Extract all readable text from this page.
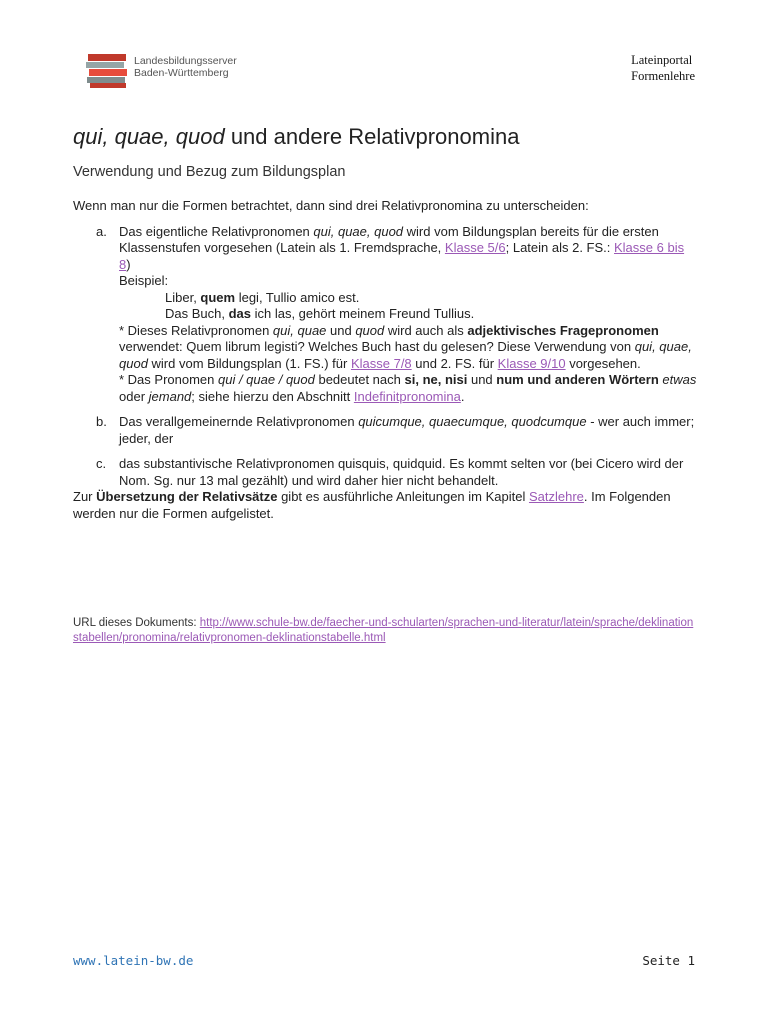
Landesbildungsserver
Baden-Württemberg
Lateinportal
Formenlehre
qui, quae, quod und andere Relativpronomina
Verwendung und Bezug zum Bildungsplan

Wenn man nur die Formen betrachtet, dann sind drei Relativpronomina zu unterscheiden:

a. Das eigentliche Relativpronomen qui, quae, quod wird vom Bildungsplan bereits für die ersten Klassenstufen vorgesehen (Latein als 1. Fremdsprache, Klasse 5/6; Latein als 2. FS.: Klasse 6 bis 8)
Beispiel:

Liber, quem legi, Tullio amico est.

Das Buch, das ich las, gehört meinem Freund Tullius.

* Dieses Relativpronomen qui, quae und quod wird auch als adjektivisches Fragepronomen verwendet: Quem librum legisti? Welches Buch hast du gelesen? Diese Verwendung von qui, quae, quod wird vom Bildungsplan (1. FS.) für Klasse 7/8 und 2. FS. für Klasse 9/10 vorgesehen.
* Das Pronomen qui / quae / quod bedeutet nach si, ne, nisi und num und anderen Wörtern etwas oder jemand; siehe hierzu den Abschnitt Indefinitpronomina.

b. Das verallgemeinernde Relativpronomen quicumque, quaecumque, quodcumque - wer auch immer; jeder, der

c. das substantivische Relativpronomen quisquis, quidquid. Es kommt selten vor (bei Cicero wird der Nom. Sg. nur 13 mal gezählt) und wird daher hier nicht behandelt.

Zur Übersetzung der Relativsätze gibt es ausführliche Anleitungen im Kapitel Satzlehre. Im Folgenden werden nur die Formen aufgelistet.

URL dieses Dokuments: http://www.schule-bw.de/faecher-und-schularten/sprachen-und-literatur/latein/sprache/deklinationstabellen/pronomina/relativpronomen-deklinationstabelle.html
www.latein-bw.de	Seite 1
